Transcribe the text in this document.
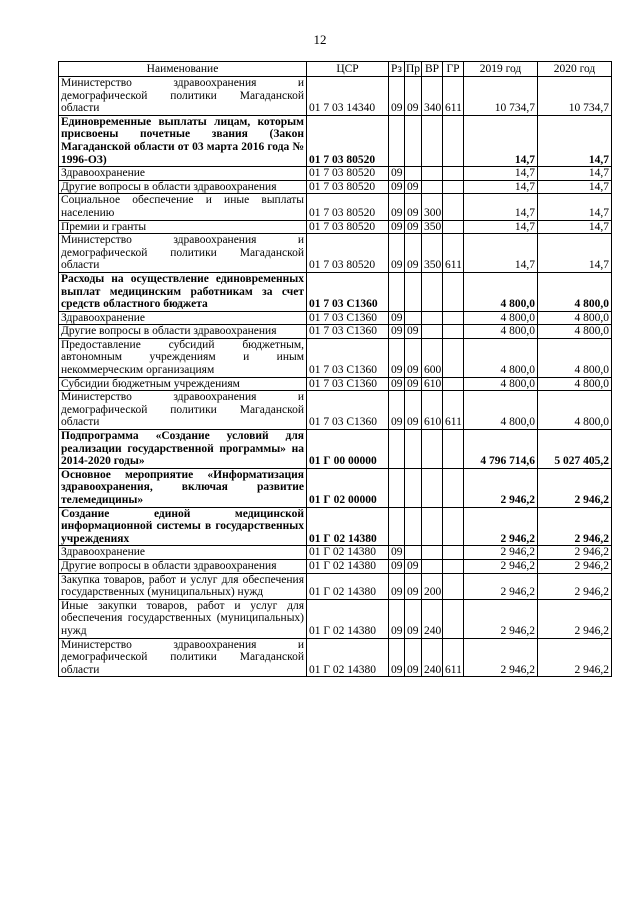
12
Наименование	ЦСР	Рз	Пр	ВР	ГР	2019 год	2020 год
Министерство здравоохранения и демографической политики Магаданской области	01 7 03 14340	09	09	340	611	10 734,7	10 734,7
Единовременные выплаты лицам, которым присвоены почетные звания (Закон Магаданской области от 03 марта 2016 года № 1996-ОЗ)	01 7 03 80520					14,7	14,7
Здравоохранение	01 7 03 80520	09				14,7	14,7
Другие вопросы в области здравоохранения	01 7 03 80520	09	09			14,7	14,7
Социальное обеспечение и иные выплаты населению	01 7 03 80520	09	09	300		14,7	14,7
Премии и гранты	01 7 03 80520	09	09	350		14,7	14,7
Министерство здравоохранения и демографической политики Магаданской области	01 7 03 80520	09	09	350	611	14,7	14,7
Расходы на осуществление единовременных выплат медицинским работникам за счет средств областного бюджета	01 7 03 С1360					4 800,0	4 800,0
Здравоохранение	01 7 03 С1360	09				4 800,0	4 800,0
Другие вопросы в области здравоохранения	01 7 03 С1360	09	09			4 800,0	4 800,0
Предоставление субсидий бюджетным, автономным учреждениям и иным некоммерческим организациям	01 7 03 С1360	09	09	600		4 800,0	4 800,0
Субсидии бюджетным учреждениям	01 7 03 С1360	09	09	610		4 800,0	4 800,0
Министерство здравоохранения и демографической политики Магаданской области	01 7 03 С1360	09	09	610	611	4 800,0	4 800,0
Подпрограмма «Создание условий для реализации государственной программы» на 2014-2020 годы»	01 Г 00 00000					4 796 714,6	5 027 405,2
Основное мероприятие «Информатизация здравоохранения, включая развитие телемедицины»	01 Г 02 00000					2 946,2	2 946,2
Создание единой медицинской информационной системы в государственных учреждениях	01 Г 02 14380					2 946,2	2 946,2
Здравоохранение	01 Г 02 14380	09				2 946,2	2 946,2
Другие вопросы в области здравоохранения	01 Г 02 14380	09	09			2 946,2	2 946,2
Закупка товаров, работ и услуг для обеспечения государственных (муниципальных) нужд	01 Г 02 14380	09	09	200		2 946,2	2 946,2
Иные закупки товаров, работ и услуг для обеспечения государственных (муниципальных) нужд	01 Г 02 14380	09	09	240		2 946,2	2 946,2
Министерство здравоохранения и демографической политики Магаданской области	01 Г 02 14380	09	09	240	611	2 946,2	2 946,2
